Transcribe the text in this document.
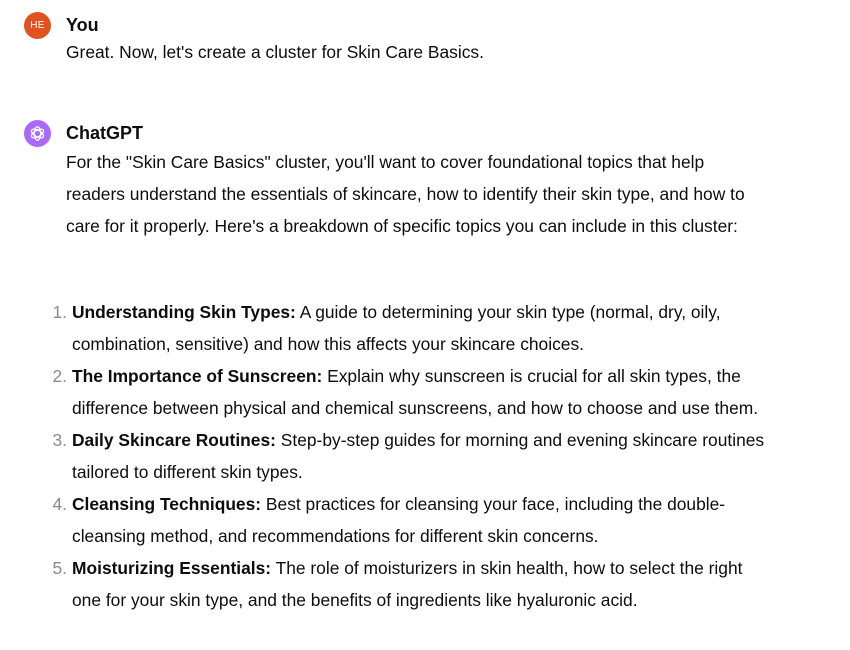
HE You
Great. Now, let's create a cluster for Skin Care Basics.
ChatGPT
For the "Skin Care Basics" cluster, you'll want to cover foundational topics that help readers understand the essentials of skincare, how to identify their skin type, and how to care for it properly. Here's a breakdown of specific topics you can include in this cluster:
1. Understanding Skin Types: A guide to determining your skin type (normal, dry, oily, combination, sensitive) and how this affects your skincare choices.
2. The Importance of Sunscreen: Explain why sunscreen is crucial for all skin types, the difference between physical and chemical sunscreens, and how to choose and use them.
3. Daily Skincare Routines: Step-by-step guides for morning and evening skincare routines tailored to different skin types.
4. Cleansing Techniques: Best practices for cleansing your face, including the double-cleansing method, and recommendations for different skin concerns.
5. Moisturizing Essentials: The role of moisturizers in skin health, how to select the right one for your skin type, and the benefits of ingredients like hyaluronic acid.
